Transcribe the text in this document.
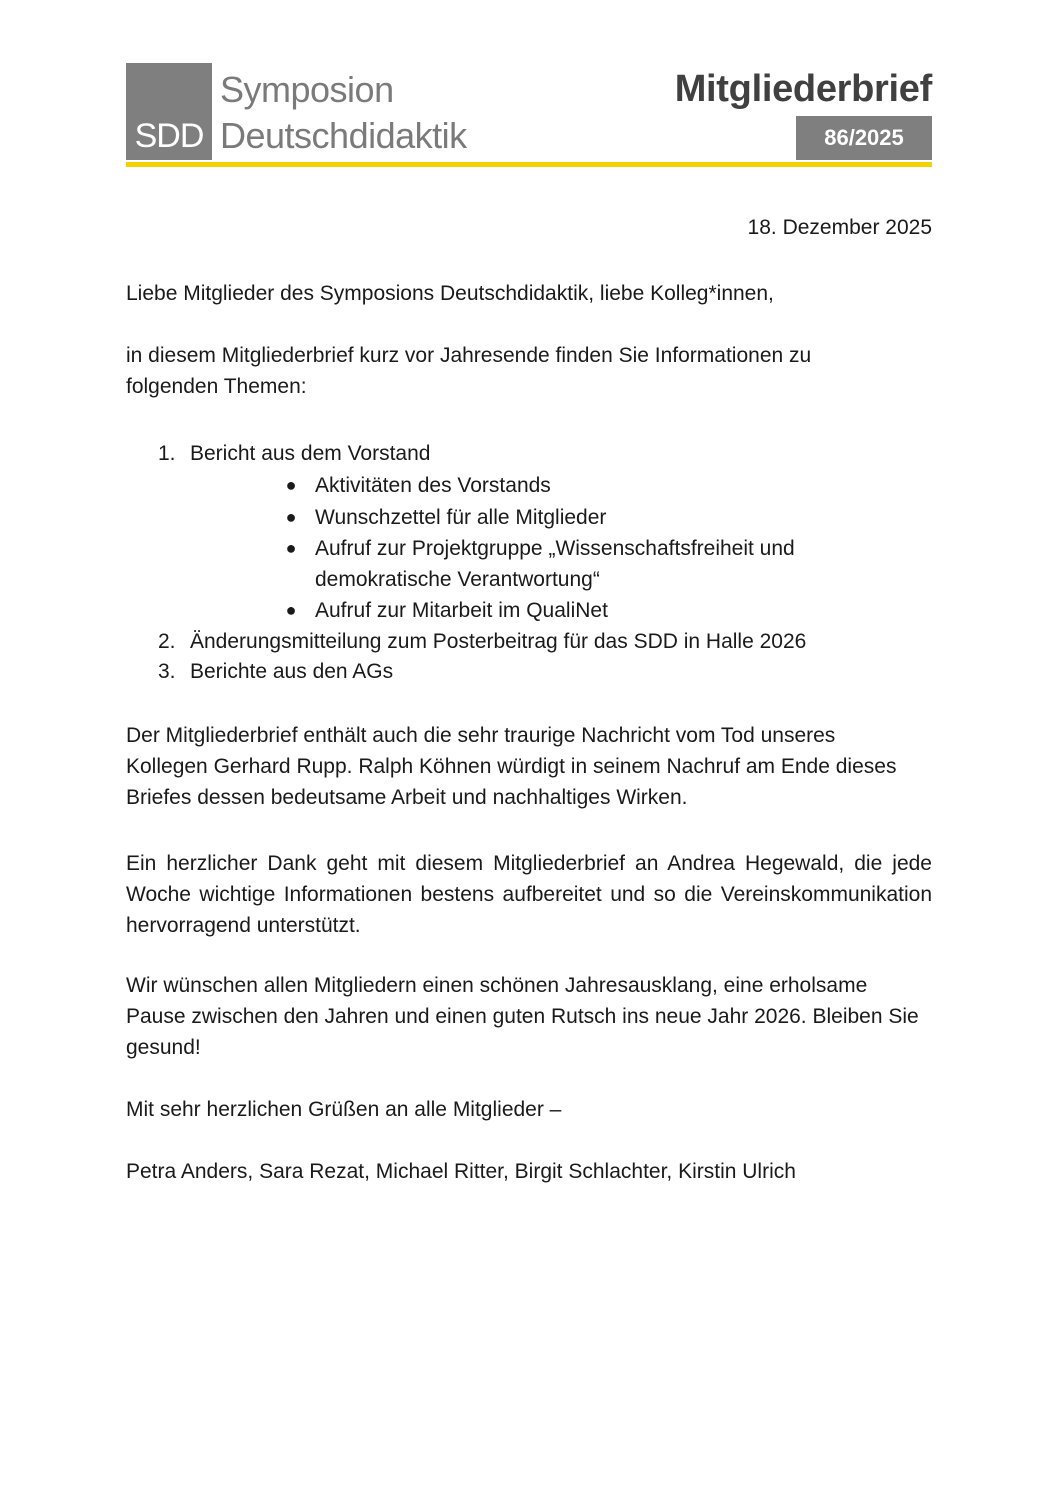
SDD
Symposion
Deutschdidaktik
Mitgliederbrief
86/2025
18. Dezember 2025
Liebe Mitglieder des Symposions Deutschdidaktik, liebe Kolleg*innen,
in diesem Mitgliederbrief kurz vor Jahresende finden Sie Informationen zu folgenden Themen:
1. Bericht aus dem Vorstand
● Aktivitäten des Vorstands
● Wunschzettel für alle Mitglieder
● Aufruf zur Projektgruppe „Wissenschaftsfreiheit und demokratische Verantwortung“
● Aufruf zur Mitarbeit im QualiNet
2. Änderungsmitteilung zum Posterbeitrag für das SDD in Halle 2026
3. Berichte aus den AGs
Der Mitgliederbrief enthält auch die sehr traurige Nachricht vom Tod unseres Kollegen Gerhard Rupp. Ralph Köhnen würdigt in seinem Nachruf am Ende dieses Briefes dessen bedeutsame Arbeit und nachhaltiges Wirken.
Ein herzlicher Dank geht mit diesem Mitgliederbrief an Andrea Hegewald, die jede Woche wichtige Informationen bestens aufbereitet und so die Vereinskommunikation hervorragend unterstützt.
Wir wünschen allen Mitgliedern einen schönen Jahresausklang, eine erholsame Pause zwischen den Jahren und einen guten Rutsch ins neue Jahr 2026. Bleiben Sie gesund!
Mit sehr herzlichen Grüßen an alle Mitglieder –
Petra Anders, Sara Rezat, Michael Ritter, Birgit Schlachter, Kirstin Ulrich
